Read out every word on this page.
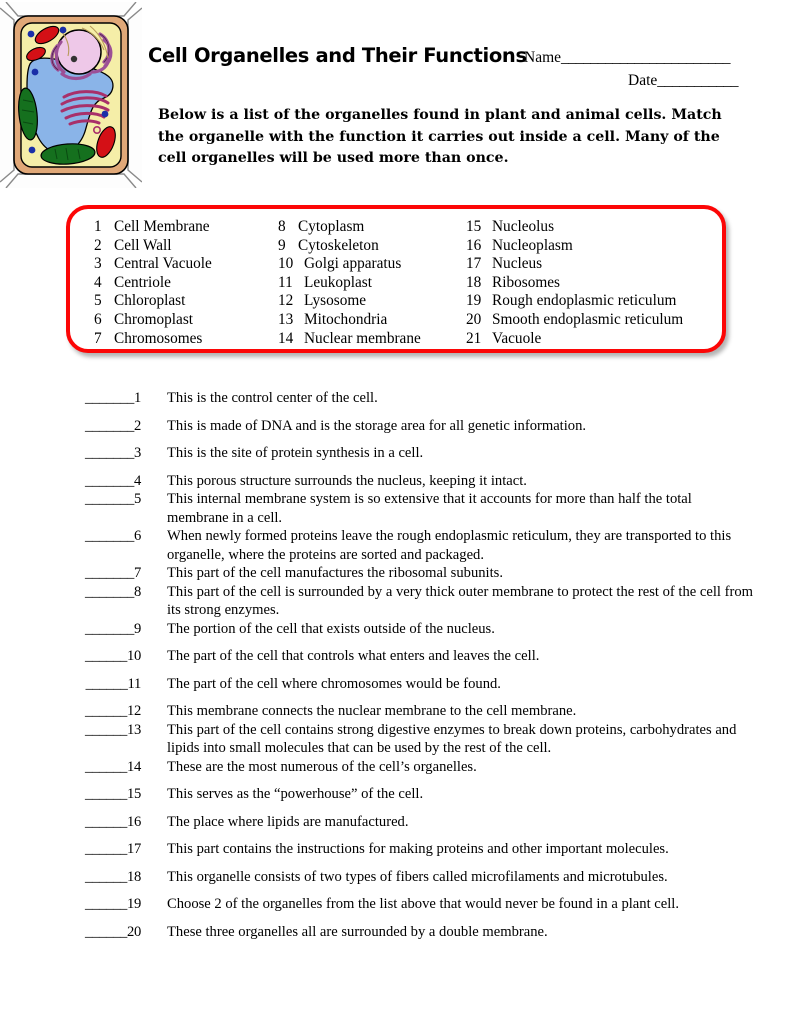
Cell Organelles and Their Functions
Name_______________________
Date___________
Below is a list of the organelles found in plant and animal cells. Match the organelle with the function it carries out inside a cell. Many of the cell organelles will be used more than once.
1 Cell Membrane
2 Cell Wall
3 Central Vacuole
4 Centriole
5 Chloroplast
6 Chromoplast
7 Chromosomes
8 Cytoplasm
9 Cytoskeleton
10 Golgi apparatus
11 Leukoplast
12 Lysosome
13 Mitochondria
14 Nuclear membrane
15 Nucleolus
16 Nucleoplasm
17 Nucleus
18 Ribosomes
19 Rough endoplasmic reticulum
20 Smooth endoplasmic reticulum
21 Vacuole
_______1 This is the control center of the cell.
_______2 This is made of DNA and is the storage area for all genetic information.
_______3 This is the site of protein synthesis in a cell.
_______4 This porous structure surrounds the nucleus, keeping it intact.
_______5 This internal membrane system is so extensive that it accounts for more than half the total membrane in a cell.
_______6 When newly formed proteins leave the rough endoplasmic reticulum, they are transported to this organelle, where the proteins are sorted and packaged.
_______7 This part of the cell manufactures the ribosomal subunits.
_______8 This part of the cell is surrounded by a very thick outer membrane to protect the rest of the cell from its strong enzymes.
_______9 The portion of the cell that exists outside of the nucleus.
______10 The part of the cell that controls what enters and leaves the cell.
______11 The part of the cell where chromosomes would be found.
______12 This membrane connects the nuclear membrane to the cell membrane.
______13 This part of the cell contains strong digestive enzymes to break down proteins, carbohydrates and lipids into small molecules that can be used by the rest of the cell.
______14 These are the most numerous of the cell’s organelles.
______15 This serves as the “powerhouse” of the cell.
______16 The place where lipids are manufactured.
______17 This part contains the instructions for making proteins and other important molecules.
______18 This organelle consists of two types of fibers called microfilaments and microtubules.
______19 Choose 2 of the organelles from the list above that would never be found in a plant cell.
______20 These three organelles all are surrounded by a double membrane.
